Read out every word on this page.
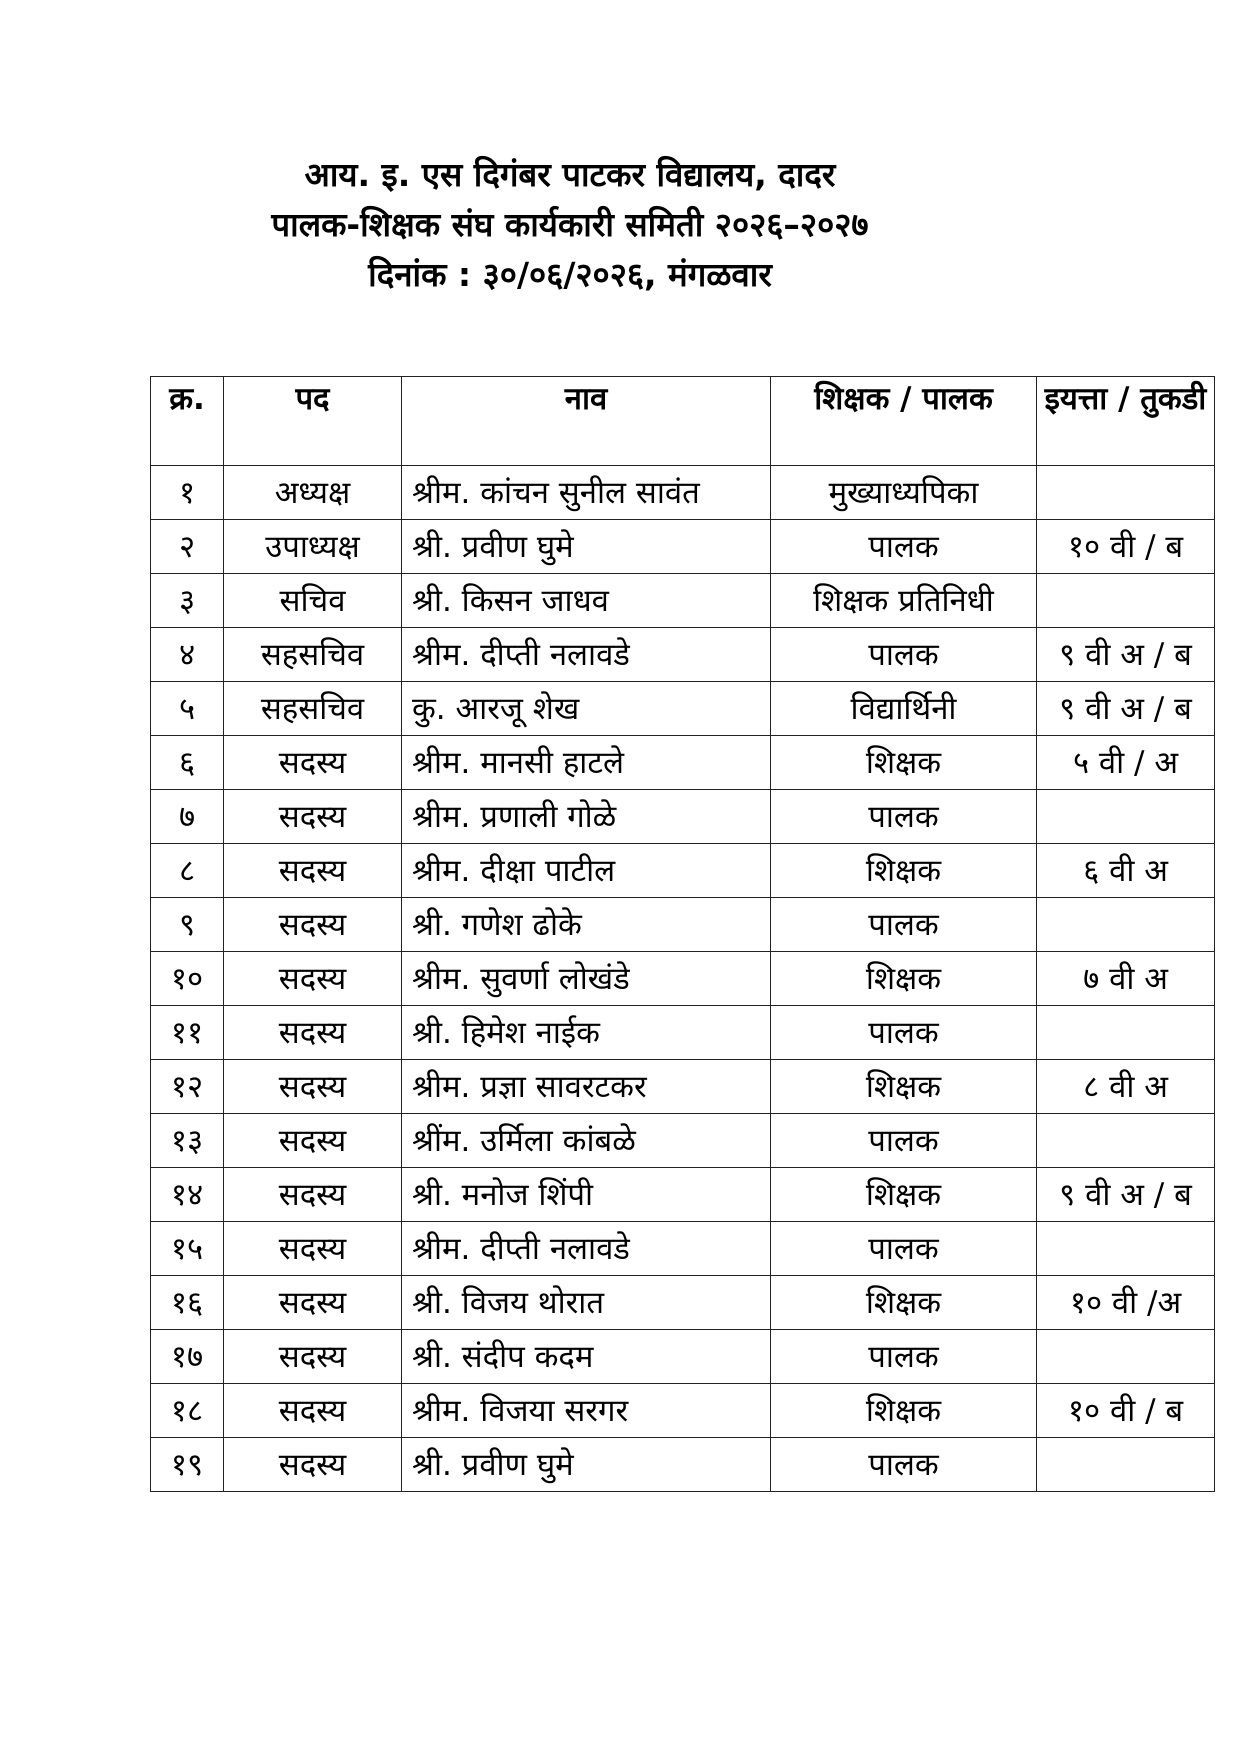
आय. इ. एस दिगंबर पाटकर विद्यालय, दादर
पालक-शिक्षक संघ कार्यकारी समिती २०२६–२०२७
दिनांक : ३०/०६/२०२६, मंगळवार
क्र.	पद	नाव	शिक्षक / पालक	इयत्ता / तुकडी
१	अध्यक्ष	श्रीम. कांचन सुनील सावंत	मुख्याध्यपिका	
२	उपाध्यक्ष	श्री. प्रवीण घुमे	पालक	१० वी / ब
३	सचिव	श्री. किसन जाधव	शिक्षक प्रतिनिधी	
४	सहसचिव	श्रीम. दीप्ती नलावडे	पालक	९ वी अ / ब
५	सहसचिव	कु. आरजू शेख	विद्यार्थिनी	९ वी अ / ब
६	सदस्य	श्रीम. मानसी हाटले	शिक्षक	५ वी / अ
७	सदस्य	श्रीम. प्रणाली गोळे	पालक	
८	सदस्य	श्रीम. दीक्षा पाटील	शिक्षक	६ वी अ
९	सदस्य	श्री. गणेश ढोके	पालक	
१०	सदस्य	श्रीम. सुवर्णा लोखंडे	शिक्षक	७ वी अ
११	सदस्य	श्री. हिमेश नाईक	पालक	
१२	सदस्य	श्रीम. प्रज्ञा सावरटकर	शिक्षक	८ वी अ
१३	सदस्य	श्रींम. उर्मिला कांबळे	पालक	
१४	सदस्य	श्री. मनोज शिंपी	शिक्षक	९ वी अ / ब
१५	सदस्य	श्रीम. दीप्ती नलावडे	पालक	
१६	सदस्य	श्री. विजय थोरात	शिक्षक	१० वी /अ
१७	सदस्य	श्री. संदीप कदम	पालक	
१८	सदस्य	श्रीम. विजया सरगर	शिक्षक	१० वी / ब
१९	सदस्य	श्री. प्रवीण घुमे	पालक	
